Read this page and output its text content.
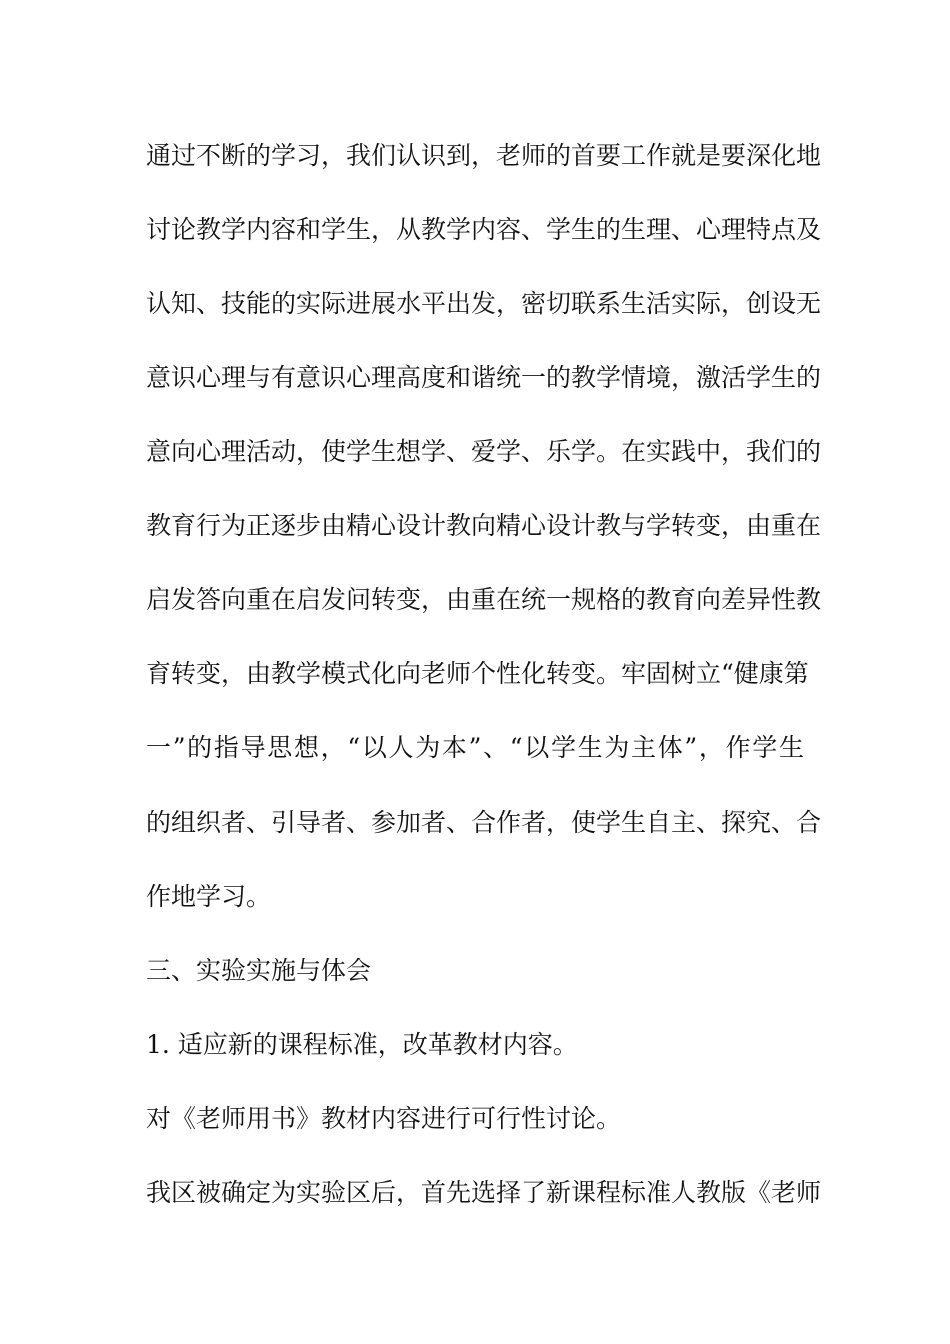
通过不断的学习，我们认识到，老师的首要工作就是要深化地

讨论教学内容和学生，从教学内容、学生的生理、心理特点及

认知、技能的实际进展水平出发，密切联系生活实际，创设无

意识心理与有意识心理高度和谐统一的教学情境，激活学生的

意向心理活动，使学生想学、爱学、乐学。在实践中，我们的

教育行为正逐步由精心设计教向精心设计教与学转变，由重在

启发答向重在启发问转变，由重在统一规格的教育向差异性教

育转变，由教学模式化向老师个性化转变。牢固树立“健康第

一”的指导思想，“以人为本”、“以学生为主体”，作学生

的组织者、引导者、参加者、合作者，使学生自主、探究、合

作地学习。

三、实验实施与体会

1. 适应新的课程标准，改革教材内容。

对《老师用书》教材内容进行可行性讨论。

我区被确定为实验区后，首先选择了新课程标准人教版《老师
